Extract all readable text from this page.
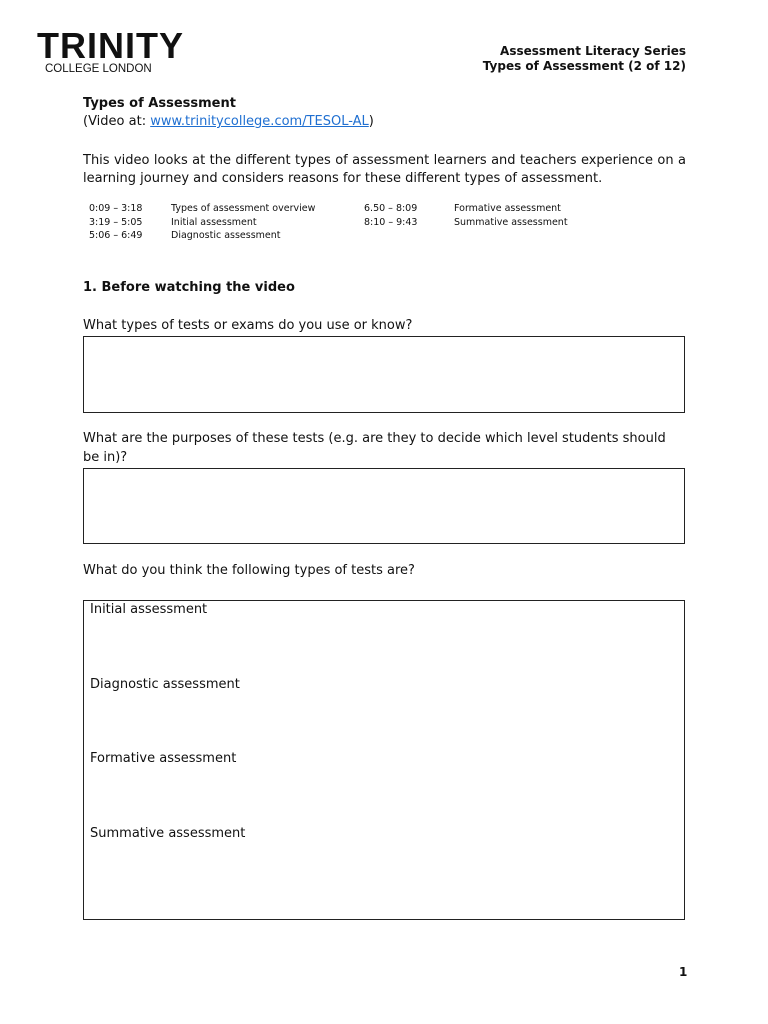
TRINITY
COLLEGE LONDON
Assessment Literacy Series
Types of Assessment (2 of 12)

Types of Assessment

(Video at: www.trinitycollege.com/TESOL-AL)

This video looks at the different types of assessment learners and teachers experience on a learning journey and considers reasons for these different types of assessment.

0:09 – 3:18
3:19 – 5:05
5:06 – 6:49
Types of assessment overview
Initial assessment
Diagnostic assessment
6.50 – 8:09
8:10 – 9:43
Formative assessment
Summative assessment

1. Before watching the video

What types of tests or exams do you use or know?

What are the purposes of these tests (e.g. are they to decide which level students should be in)?

What do you think the following types of tests are?

Initial assessment
Diagnostic assessment
Formative assessment
Summative assessment
1
